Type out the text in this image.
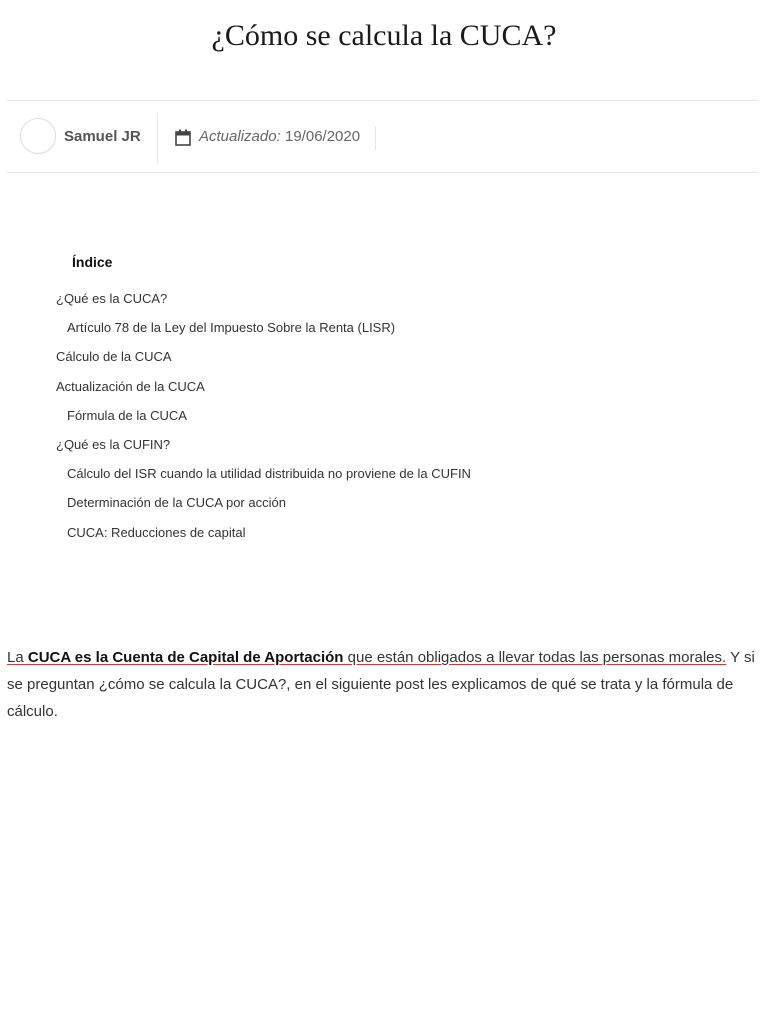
¿Cómo se calcula la CUCA?
Samuel JR	Actualizado: 19/06/2020
Índice
¿Qué es la CUCA?
Artículo 78 de la Ley del Impuesto Sobre la Renta (LISR)
Cálculo de la CUCA
Actualización de la CUCA
Fórmula de la CUCA
¿Qué es la CUFIN?
Cálculo del ISR cuando la utilidad distribuida no proviene de la CUFIN
Determinación de la CUCA por acción
CUCA: Reducciones de capital

La CUCA es la Cuenta de Capital de Aportación que están obligados a llevar todas las personas morales. Y si se preguntan ¿cómo se calcula la CUCA?, en el siguiente post les explicamos de qué se trata y la fórmula de cálculo.
